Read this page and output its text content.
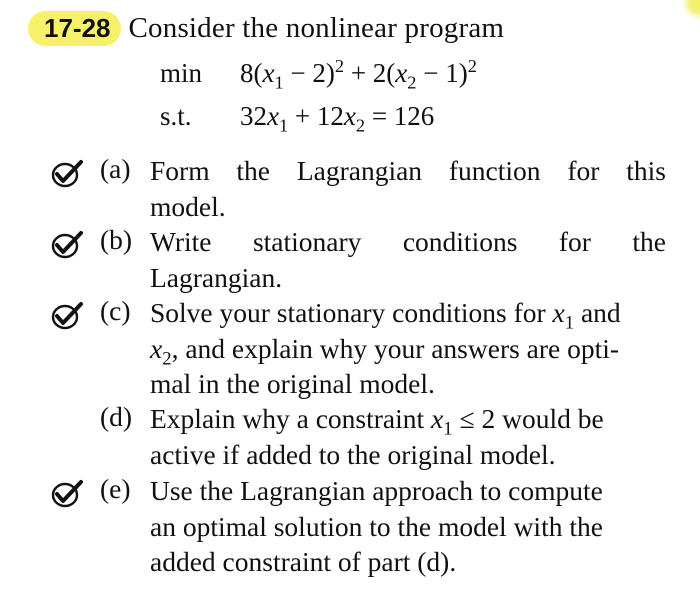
17-28 Consider the nonlinear program
min	$8(x_1 - 2)^2 + 2(x_2 - 1)^2$
s.t.	$32x_1 + 12x_2 = 126$
(a) Form the Lagrangian function for this
model.
(b) Write stationary conditions for the
Lagrangian.
(c) Solve your stationary conditions for $x_1$ and
$x_2$, and explain why your answers are opti-
mal in the original model.
(d) Explain why a constraint $x_1 \le 2$ would be
active if added to the original model.
(e) Use the Lagrangian approach to compute
an optimal solution to the model with the
added constraint of part (d).
